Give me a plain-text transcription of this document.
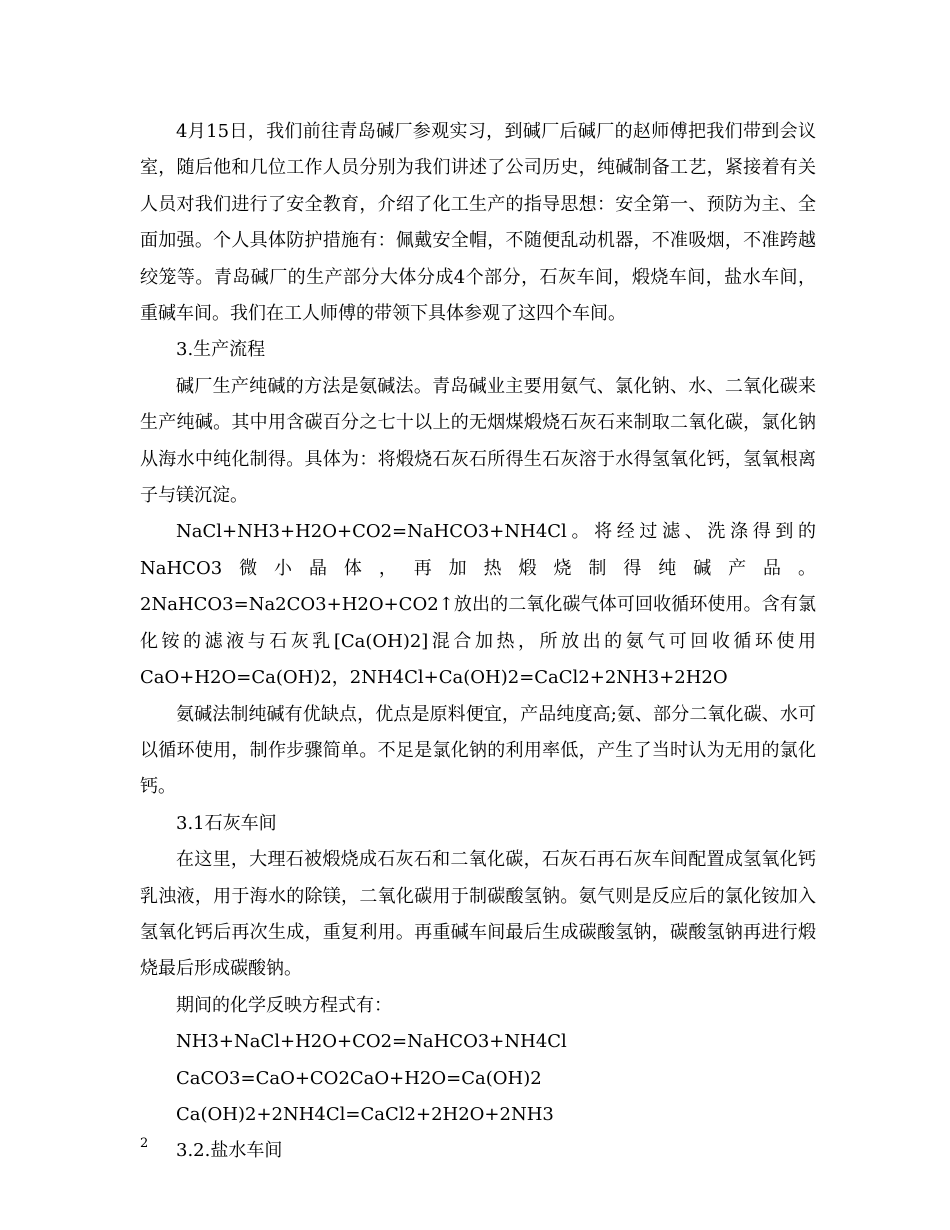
4月15日，我们前往青岛碱厂参观实习，到碱厂后碱厂的赵师傅把我们带到会议室，随后他和几位工作人员分别为我们讲述了公司历史，纯碱制备工艺，紧接着有关人员对我们进行了安全教育，介绍了化工生产的指导思想：安全第一、预防为主、全面加强。个人具体防护措施有：佩戴安全帽，不随便乱动机器，不准吸烟，不准跨越绞笼等。青岛碱厂的生产部分大体分成4个部分，石灰车间，煅烧车间，盐水车间，重碱车间。我们在工人师傅的带领下具体参观了这四个车间。

3.生产流程

碱厂生产纯碱的方法是氨碱法。青岛碱业主要用氨气、氯化钠、水、二氧化碳来生产纯碱。其中用含碳百分之七十以上的无烟煤煅烧石灰石来制取二氧化碳，氯化钠从海水中纯化制得。具体为：将煅烧石灰石所得生石灰溶于水得氢氧化钙，氢氧根离子与镁沉淀。

NaCl+NH3+H2O+CO2=NaHCO3+NH4Cl。将经过滤、洗涤得到的NaHCO3微小晶体，再加热煅烧制得纯碱产品。2NaHCO3=Na2CO3+H2O+CO2↑放出的二氧化碳气体可回收循环使用。含有氯化铵的滤液与石灰乳[Ca(OH)2]混合加热，所放出的氨气可回收循环使用CaO+H2O=Ca(OH)2，2NH4Cl+Ca(OH)2=CaCl2+2NH3+2H2O

氨碱法制纯碱有优缺点，优点是原料便宜，产品纯度高;氨、部分二氧化碳、水可以循环使用，制作步骤简单。不足是氯化钠的利用率低，产生了当时认为无用的氯化钙。

3.1石灰车间

在这里，大理石被煅烧成石灰石和二氧化碳，石灰石再石灰车间配置成氢氧化钙乳浊液，用于海水的除镁，二氧化碳用于制碳酸氢钠。氨气则是反应后的氯化铵加入氢氧化钙后再次生成，重复利用。再重碱车间最后生成碳酸氢钠，碳酸氢钠再进行煅烧最后形成碳酸钠。

期间的化学反映方程式有：

NH3+NaCl+H2O+CO2=NaHCO3+NH4Cl

CaCO3=CaO+CO2CaO+H2O=Ca(OH)2

Ca(OH)2+2NH4Cl=CaCl2+2H2O+2NH3

3.2.盐水车间

2
